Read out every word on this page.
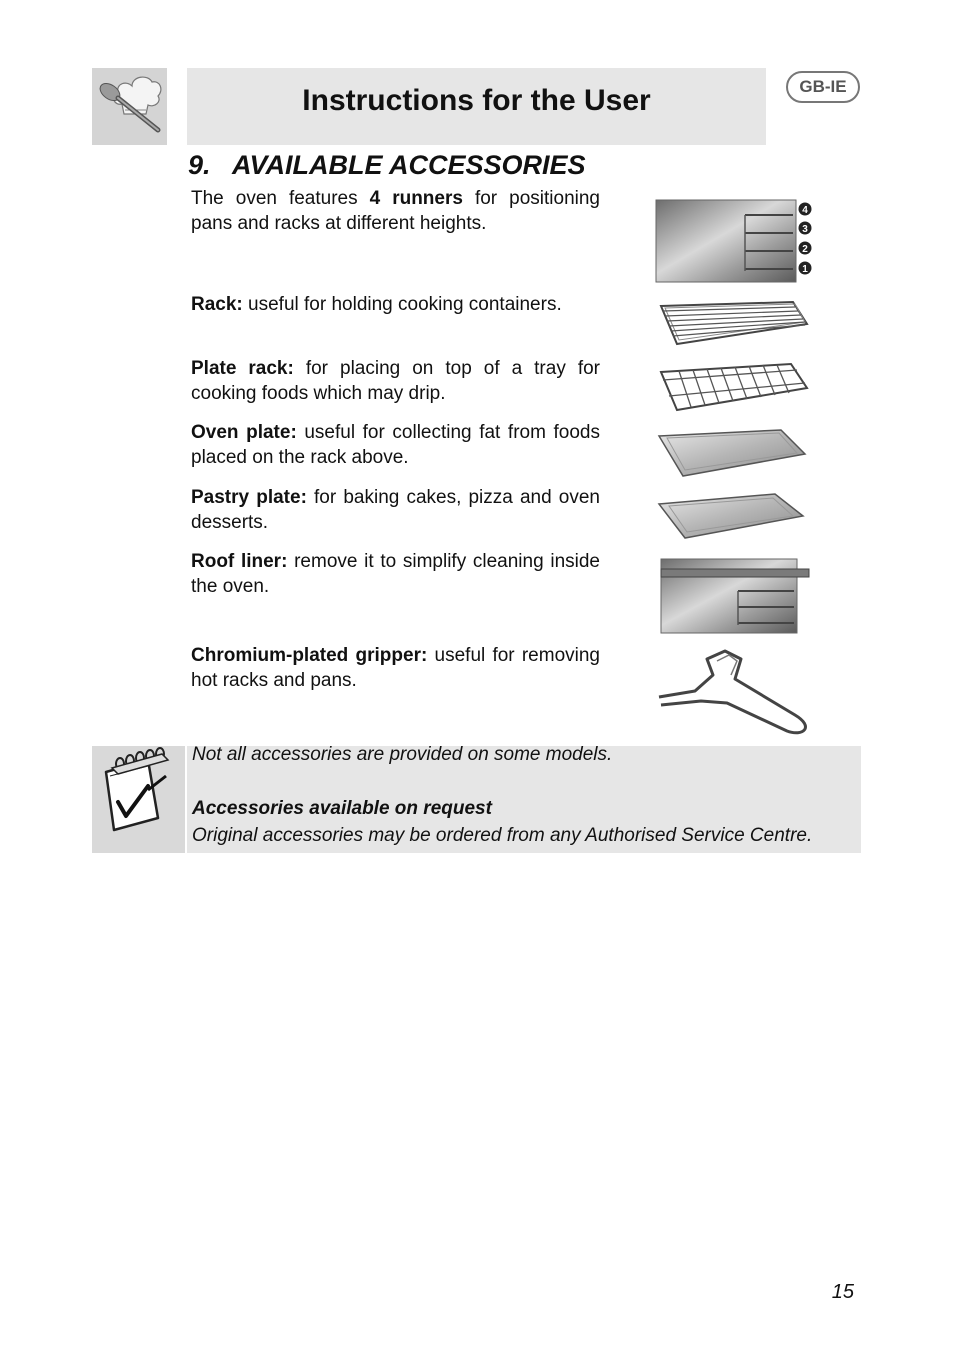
Instructions for the User	GB-IE
9. AVAILABLE ACCESSORIES

The oven features 4 runners for positioning pans and racks at different heights.

Rack: useful for holding cooking containers.

Plate rack: for placing on top of a tray for cooking foods which may drip.

Oven plate: useful for collecting fat from foods placed on the rack above.

Pastry plate: for baking cakes, pizza and oven desserts.

Roof liner: remove it to simplify cleaning inside the oven.

Chromium-plated gripper: useful for removing hot racks and pans.

4
3
2
1
Not all accessories are provided on some models.
Accessories available on request
Original accessories may be ordered from any Authorised Service Centre.
15
